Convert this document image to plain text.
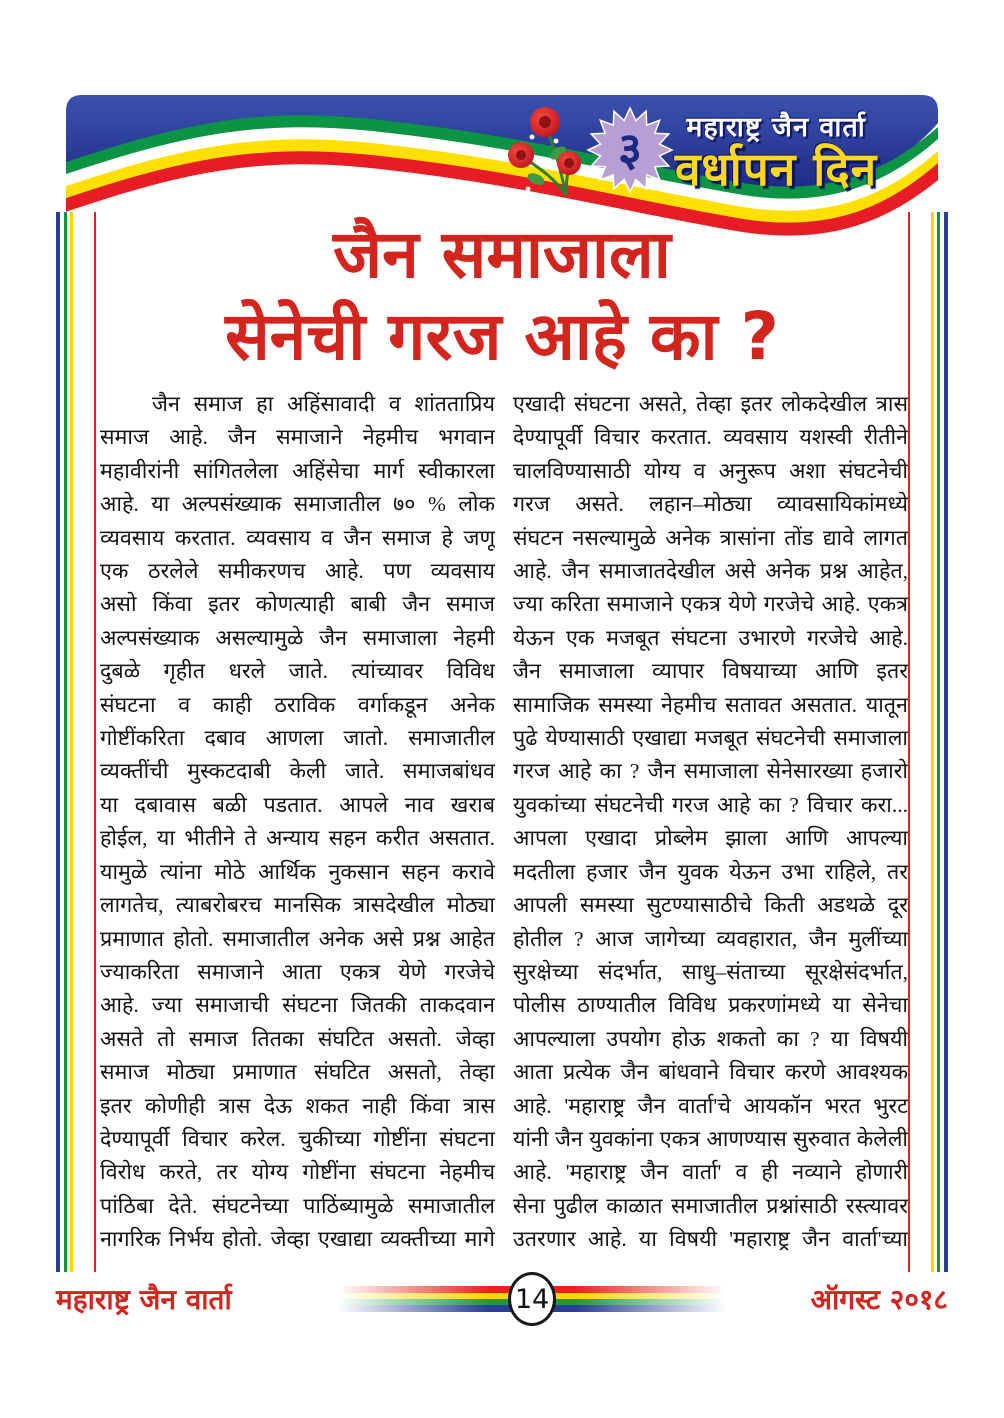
३	महाराष्ट्र जैन वार्ता
वर्धापन दिन
जैन समाजाला
सेनेची गरज आहे का ?
जैन समाज हा अहिंसावादी व शांतताप्रिय
समाज आहे. जैन समाजाने नेहमीच भगवान
महावीरांनी सांगितलेला अहिंसेचा मार्ग स्वीकारला
आहे. या अल्पसंख्याक समाजातील ७० % लोक
व्यवसाय करतात. व्यवसाय व जैन समाज हे जणू
एक ठरलेले समीकरणच आहे. पण व्यवसाय
असो किंवा इतर कोणत्याही बाबी जैन समाज
अल्पसंख्याक असल्यामुळे जैन समाजाला नेहमी
दुबळे गृहीत धरले जाते. त्यांच्यावर विविध
संघटना व काही ठराविक वर्गाकडून अनेक
गोष्टींकरिता दबाव आणला जातो. समाजातील
व्यक्तींची मुस्कटदाबी केली जाते. समाजबांधव
या दबावास बळी पडतात. आपले नाव खराब
होईल, या भीतीने ते अन्याय सहन करीत असतात.
यामुळे त्यांना मोठे आर्थिक नुकसान सहन करावे
लागतेच, त्याबरोबरच मानसिक त्रासदेखील मोठ्या
प्रमाणात होतो. समाजातील अनेक असे प्रश्न आहेत
ज्याकरिता समाजाने आता एकत्र येणे गरजेचे
आहे. ज्या समाजाची संघटना जितकी ताकदवान
असते तो समाज तितका संघटित असतो. जेव्हा
समाज मोठ्या प्रमाणात संघटित असतो, तेव्हा
इतर कोणीही त्रास देऊ शकत नाही किंवा त्रास
देण्यापूर्वी विचार करेल. चुकीच्या गोष्टींना संघटना
विरोध करते, तर योग्य गोष्टींना संघटना नेहमीच
पांठिबा देते. संघटनेच्या पाठिंब्यामुळे समाजातील
नागरिक निर्भय होतो. जेव्हा एखाद्या व्यक्तीच्या मागे
एखादी संघटना असते, तेव्हा इतर लोकदेखील त्रास
देण्यापूर्वी विचार करतात. व्यवसाय यशस्वी रीतीने
चालविण्यासाठी योग्य व अनुरूप अशा संघटनेची
गरज असते. लहान–मोठ्या व्यावसायिकांमध्ये
संघटन नसल्यामुळे अनेक त्रासांना तोंड द्यावे लागत
आहे. जैन समाजातदेखील असे अनेक प्रश्न आहेत,
ज्या करिता समाजाने एकत्र येणे गरजेचे आहे. एकत्र
येऊन एक मजबूत संघटना उभारणे गरजेचे आहे.
जैन समाजाला व्यापार विषयाच्या आणि इतर
सामाजिक समस्या नेहमीच सतावत असतात. यातून
पुढे येण्यासाठी एखाद्या मजबूत संघटनेची समाजाला
गरज आहे का ? जैन समाजाला सेनेसारख्या हजारो
युवकांच्या संघटनेची गरज आहे का ? विचार करा...
आपला एखादा प्रोब्लेम झाला आणि आपल्या
मदतीला हजार जैन युवक येऊन उभा राहिले, तर
आपली समस्या सुटण्यासाठीचे किती अडथळे दूर
होतील ? आज जागेच्या व्यवहारात, जैन मुलींच्या
सुरक्षेच्या संदर्भात, साधु–संताच्या सूरक्षेसंदर्भात,
पोलीस ठाण्यातील विविध प्रकरणांमध्ये या सेनेचा
आपल्याला उपयोग होऊ शकतो का ? या विषयी
आता प्रत्येक जैन बांधवाने विचार करणे आवश्यक
आहे. 'महाराष्ट्र जैन वार्ता'चे आयकॉन भरत भुरट
यांनी जैन युवकांना एकत्र आणण्यास सुरुवात केलेली
आहे. 'महाराष्ट्र जैन वार्ता' व ही नव्याने होणारी
सेना पुढील काळात समाजातील प्रश्नांसाठी रस्त्यावर
उतरणार आहे. या विषयी 'महाराष्ट्र जैन वार्ता'च्या
महाराष्ट्र जैन वार्ता	14	ऑगस्ट २०१८
